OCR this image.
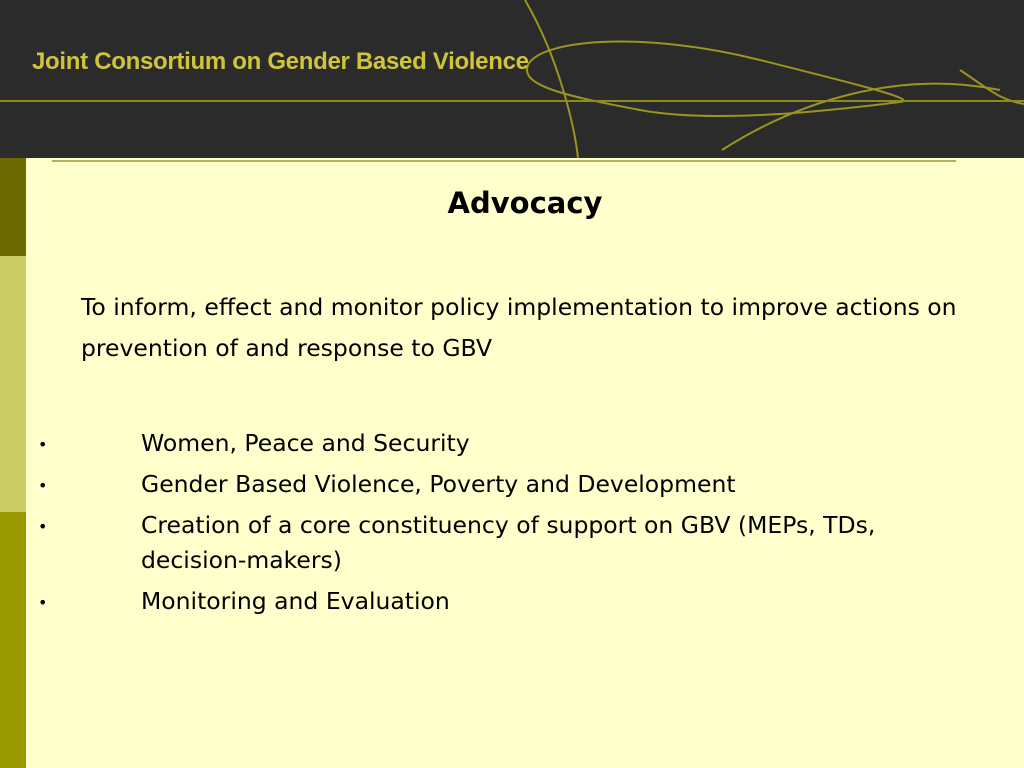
Joint Consortium on Gender Based Violence
Advocacy
To inform, effect and monitor policy implementation to improve actions on prevention of and response to GBV
•	Women, Peace and Security
•	Gender Based Violence, Poverty and Development
•	Creation of a core constituency of support on GBV (MEPs, TDs, decision-makers)
•	Monitoring and Evaluation
